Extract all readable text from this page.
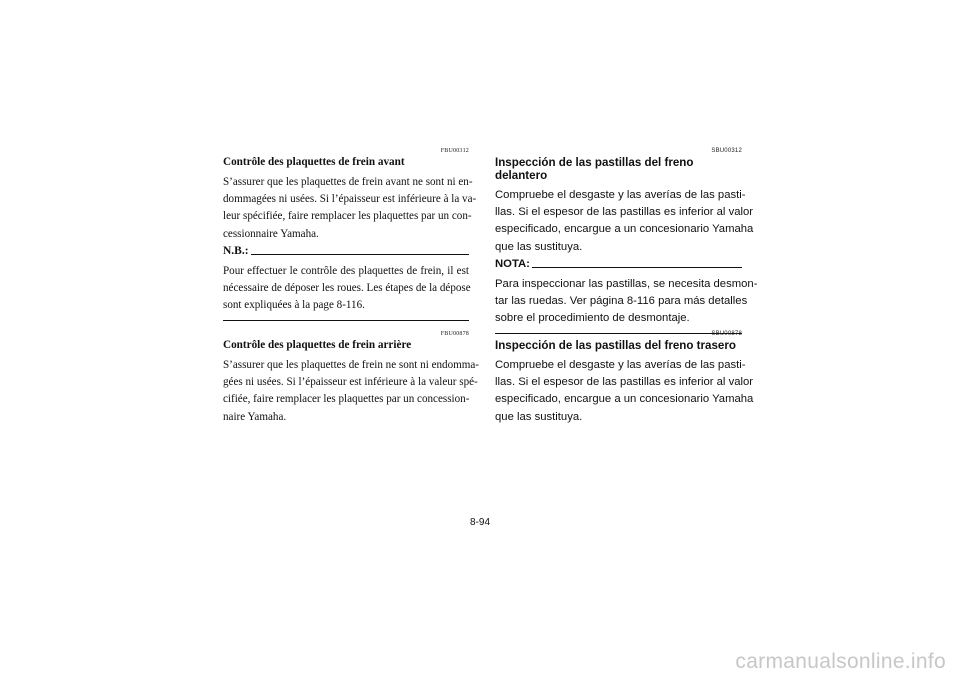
FBU00312
Contrôle des plaquettes de frein avant
S’assurer que les plaquettes de frein avant ne sont ni en-
dommagées ni usées. Si l’épaisseur est inférieure à la va-
leur spécifiée, faire remplacer les plaquettes par un con-
cessionnaire Yamaha.
N.B.:
Pour effectuer le contrôle des plaquettes de frein, il est
nécessaire de déposer les roues. Les étapes de la dépose
sont expliquées à la page 8-116.
FBU00878
Contrôle des plaquettes de frein arrière
S’assurer que les plaquettes de frein ne sont ni endomma-
gées ni usées. Si l’épaisseur est inférieure à la valeur spé-
cifiée, faire remplacer les plaquettes par un concession-
naire Yamaha.
SBU00312
Inspección de las pastillas del freno delantero
Compruebe el desgaste y las averías de las pasti-
llas. Si el espesor de las pastillas es inferior al valor
especificado, encargue a un concesionario Yamaha
que las sustituya.
NOTA:
Para inspeccionar las pastillas, se necesita desmon-
tar las ruedas. Ver página 8-116 para más detalles
sobre el procedimiento de desmontaje.
SBU00878
Inspección de las pastillas del freno trasero
Compruebe el desgaste y las averías de las pasti-
llas. Si el espesor de las pastillas es inferior al valor
especificado, encargue a un concesionario Yamaha
que las sustituya.
8-94
carmanualsonline.info
